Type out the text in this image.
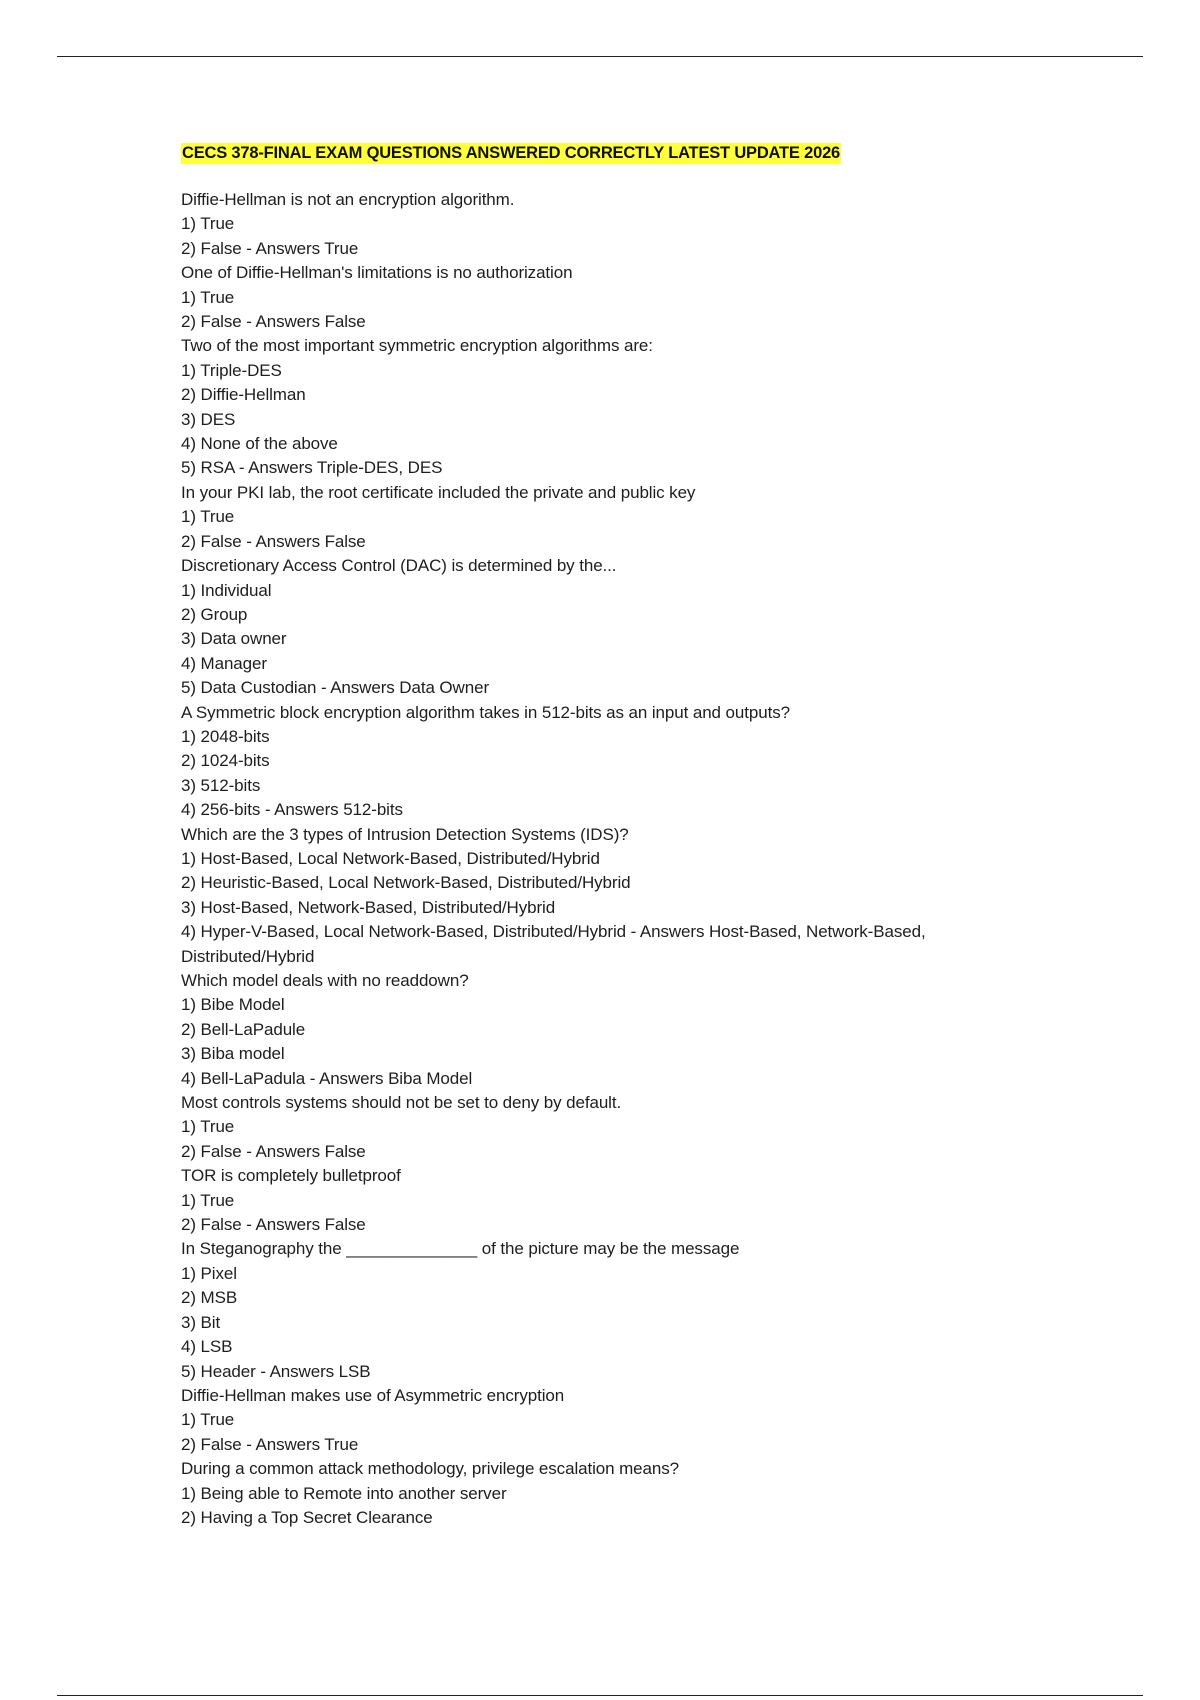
CECS 378-FINAL EXAM QUESTIONS ANSWERED CORRECTLY LATEST UPDATE 2026
Diffie-Hellman is not an encryption algorithm.
1) True
2) False - Answers True
One of Diffie-Hellman's limitations is no authorization
1) True
2) False - Answers False
Two of the most important symmetric encryption algorithms are:
1) Triple-DES
2) Diffie-Hellman
3) DES
4) None of the above
5) RSA - Answers Triple-DES, DES
In your PKI lab, the root certificate included the private and public key
1) True
2) False - Answers False
Discretionary Access Control (DAC) is determined by the...
1) Individual
2) Group
3) Data owner
4) Manager
5) Data Custodian - Answers Data Owner
A Symmetric block encryption algorithm takes in 512-bits as an input and outputs?
1) 2048-bits
2) 1024-bits
3) 512-bits
4) 256-bits - Answers 512-bits
Which are the 3 types of Intrusion Detection Systems (IDS)?
1) Host-Based, Local Network-Based, Distributed/Hybrid
2) Heuristic-Based, Local Network-Based, Distributed/Hybrid
3) Host-Based, Network-Based, Distributed/Hybrid
4) Hyper-V-Based, Local Network-Based, Distributed/Hybrid - Answers Host-Based, Network-Based,
Distributed/Hybrid
Which model deals with no readdown?
1) Bibe Model
2) Bell-LaPadule
3) Biba model
4) Bell-LaPadula - Answers Biba Model
Most controls systems should not be set to deny by default.
1) True
2) False - Answers False
TOR is completely bulletproof
1) True
2) False - Answers False
In Steganography the ______________ of the picture may be the message
1) Pixel
2) MSB
3) Bit
4) LSB
5) Header - Answers LSB
Diffie-Hellman makes use of Asymmetric encryption
1) True
2) False - Answers True
During a common attack methodology, privilege escalation means?
1) Being able to Remote into another server
2) Having a Top Secret Clearance
